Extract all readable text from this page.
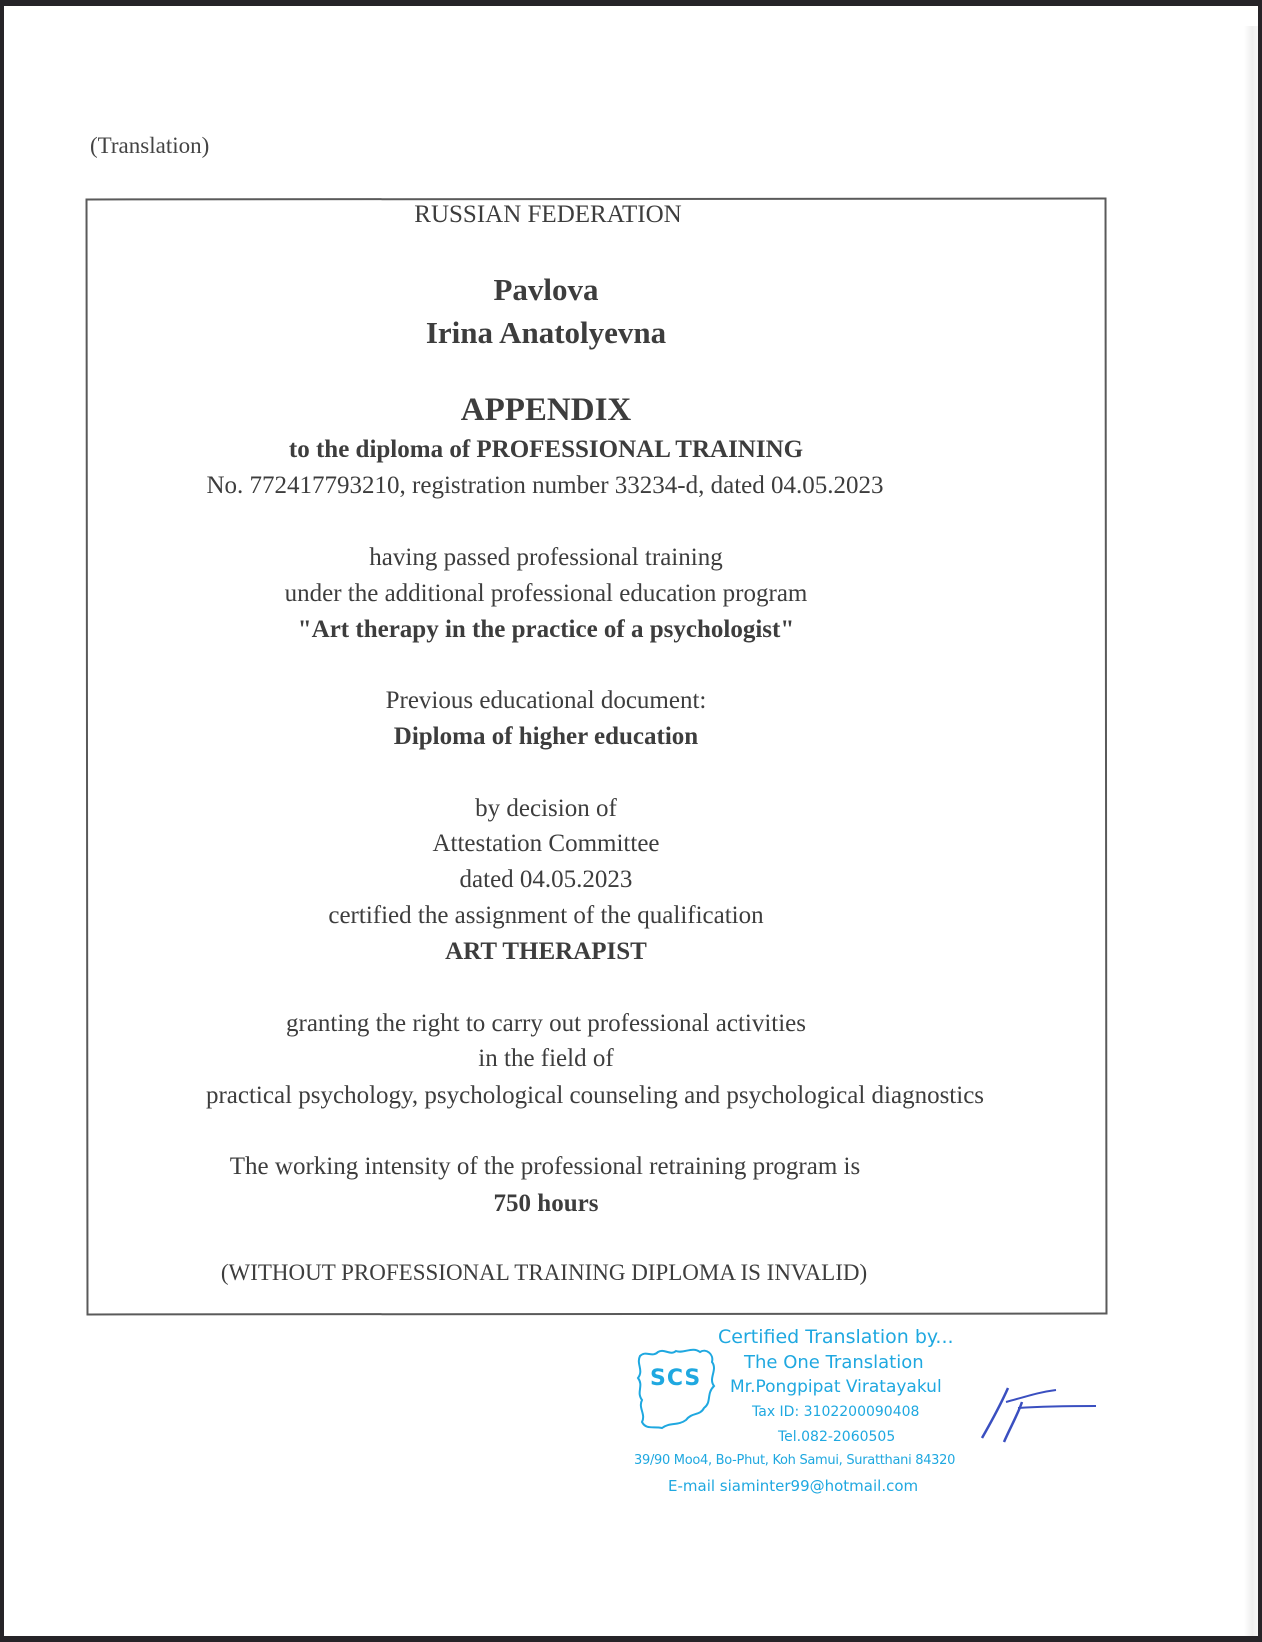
(Translation)
RUSSIAN FEDERATION
Pavlova
Irina Anatolyevna
APPENDIX
to the diploma of PROFESSIONAL TRAINING
No. 772417793210, registration number 33234-d, dated 04.05.2023
having passed professional training
under the additional professional education program
"Art therapy in the practice of a psychologist"
Previous educational document:
Diploma of higher education
by decision of
Attestation Committee
dated 04.05.2023
certified the assignment of the qualification
ART THERAPIST
granting the right to carry out professional activities
in the field of
practical psychology, psychological counseling and psychological diagnostics
The working intensity of the professional retraining program is
750 hours
(WITHOUT PROFESSIONAL TRAINING DIPLOMA IS INVALID)
SCS
Certified Translation by...
The One Translation
Mr.Pongpipat Viratayakul
Tax ID: 3102200090408
Tel.082-2060505
39/90 Moo4, Bo-Phut, Koh Samui, Suratthani 84320
E-mail siaminter99@hotmail.com
